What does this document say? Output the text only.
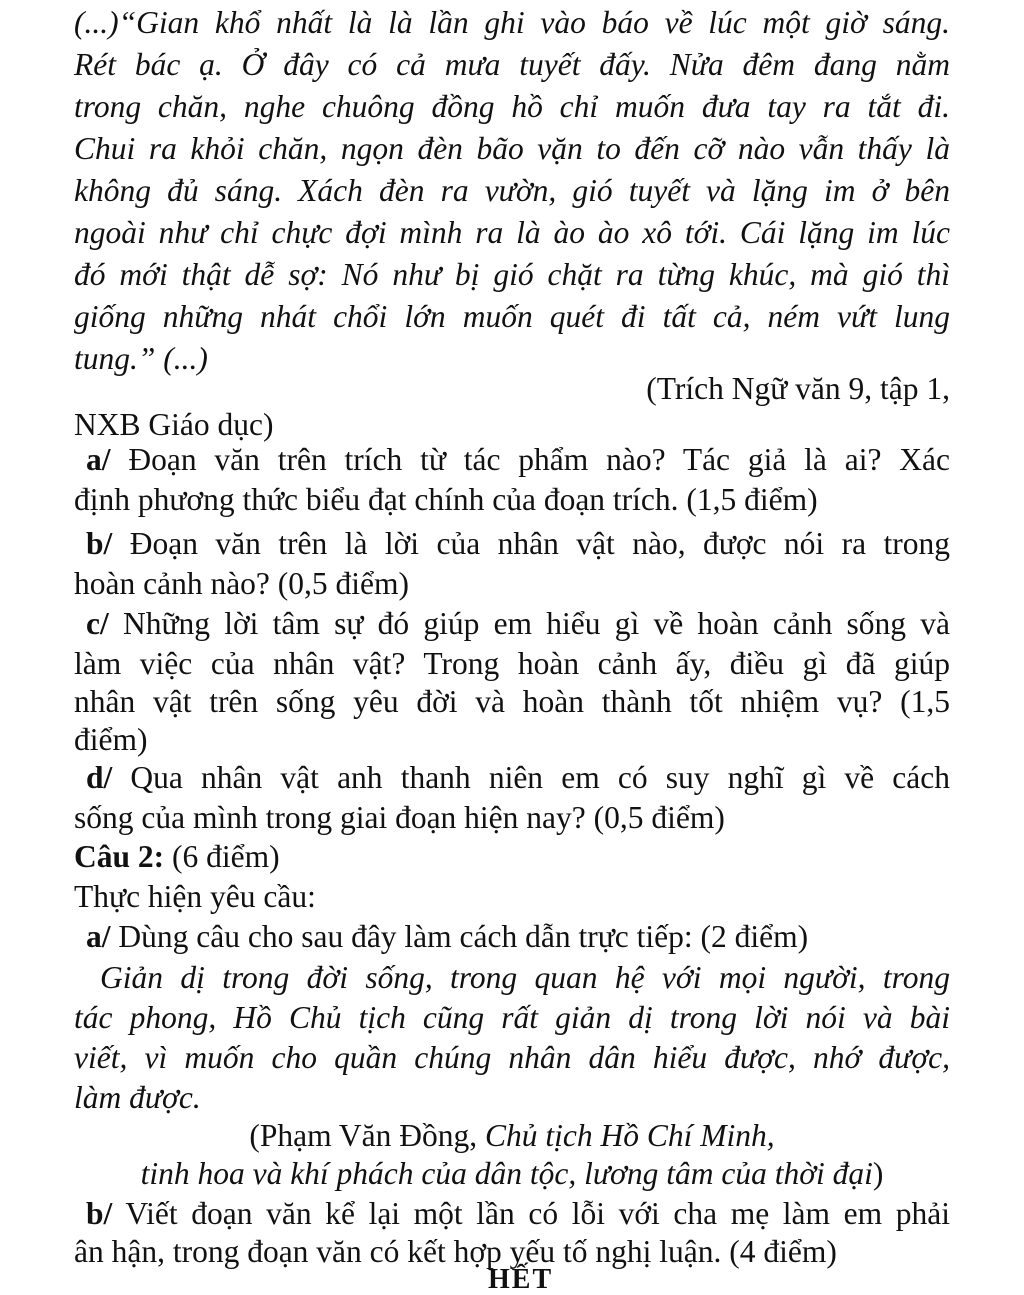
(...)“Gian khổ nhất là là lần ghi vào báo về lúc một giờ sáng.
Rét bác ạ. Ở đây có cả mưa tuyết đấy. Nửa đêm đang nằm
trong chăn, nghe chuông đồng hồ chỉ muốn đưa tay ra tắt đi.
Chui ra khỏi chăn, ngọn đèn bão vặn to đến cỡ nào vẫn thấy là
không đủ sáng. Xách đèn ra vườn, gió tuyết và lặng im ở bên
ngoài như chỉ chực đợi mình ra là ào ào xô tới. Cái lặng im lúc
đó mới thật dễ sợ: Nó như bị gió chặt ra từng khúc, mà gió thì
giống những nhát chổi lớn muốn quét đi tất cả, ném vứt lung
tung.” (...)
(Trích Ngữ văn 9, tập 1,
NXB Giáo dục)
a/ Đoạn văn trên trích từ tác phẩm nào? Tác giả là ai? Xác
định phương thức biểu đạt chính của đoạn trích. (1,5 điểm)
b/ Đoạn văn trên là lời của nhân vật nào, được nói ra trong
hoàn cảnh nào? (0,5 điểm)
c/ Những lời tâm sự đó giúp em hiểu gì về hoàn cảnh sống và
làm việc của nhân vật? Trong hoàn cảnh ấy, điều gì đã giúp
nhân vật trên sống yêu đời và hoàn thành tốt nhiệm vụ? (1,5
điểm)
d/ Qua nhân vật anh thanh niên em có suy nghĩ gì về cách
sống của mình trong giai đoạn hiện nay? (0,5 điểm)
Câu 2: (6 điểm)
Thực hiện yêu cầu:
a/ Dùng câu cho sau đây làm cách dẫn trực tiếp: (2 điểm)
Giản dị trong đời sống, trong quan hệ với mọi người, trong
tác phong, Hồ Chủ tịch cũng rất giản dị trong lời nói và bài
viết, vì muốn cho quần chúng nhân dân hiểu được, nhớ được,
làm được.
(Phạm Văn Đồng, Chủ tịch Hồ Chí Minh,
tinh hoa và khí phách của dân tộc, lương tâm của thời đại)
b/ Viết đoạn văn kể lại một lần có lỗi với cha mẹ làm em phải
ân hận, trong đoạn văn có kết hợp yếu tố nghị luận. (4 điểm)
HẾT
